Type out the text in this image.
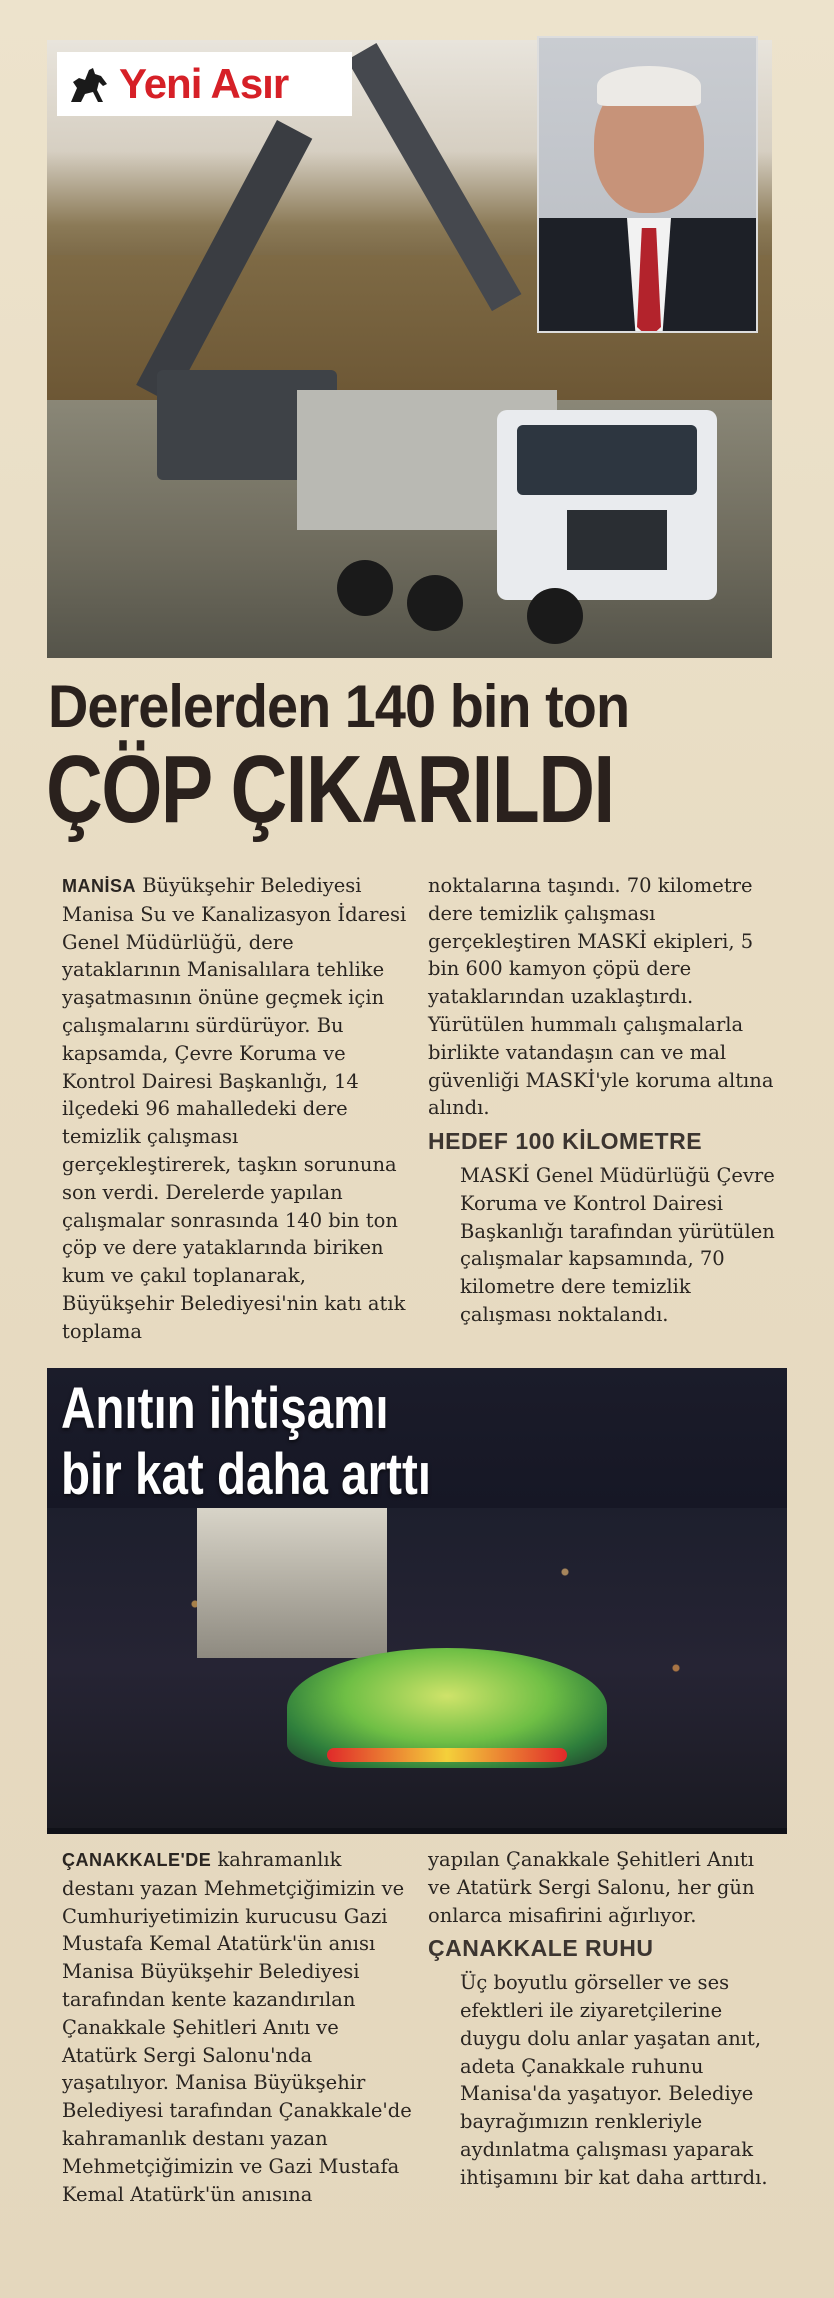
Yeni Asır
Derelerden 140 bin ton
ÇÖP ÇIKARILDI

MANİSA Büyükşehir Belediyesi Manisa Su ve Kanalizasyon İdaresi Genel Müdürlüğü, dere yataklarının Manisalılara tehlike yaşatmasının önüne geçmek için çalışmalarını sürdürüyor. Bu kapsamda, Çevre Koruma ve Kontrol Dairesi Başkanlığı, 14 ilçedeki 96 mahalledeki dere temizlik çalışması gerçekleştirerek, taşkın sorununa son verdi. Derelerde yapılan çalışmalar sonrasında 140 bin ton çöp ve dere yataklarında biriken kum ve çakıl toplanarak, Büyükşehir Belediyesi'nin katı atık toplama

noktalarına taşındı. 70 kilometre dere temizlik çalışması gerçekleştiren MASKİ ekipleri, 5 bin 600 kamyon çöpü dere yataklarından uzaklaştırdı. Yürütülen hummalı çalışmalarla birlikte vatandaşın can ve mal güvenliği MASKİ'yle koruma altına alındı.

HEDEF 100 KİLOMETRE

MASKİ Genel Müdürlüğü Çevre Koruma ve Kontrol Dairesi Başkanlığı tarafından yürütülen çalışmalar kapsamında, 70 kilometre dere temizlik çalışması noktalandı.

Anıtın ihtişamı
bir kat daha arttı

ÇANAKKALE'DE kahramanlık destanı yazan Mehmetçiğimizin ve Cumhuriyetimizin kurucusu Gazi Mustafa Kemal Atatürk'ün anısı Manisa Büyükşehir Belediyesi tarafından kente kazandırılan Çanakkale Şehitleri Anıtı ve Atatürk Sergi Salonu'nda yaşatılıyor. Manisa Büyükşehir Belediyesi tarafından Çanakkale'de kahramanlık destanı yazan Mehmetçiğimizin ve Gazi Mustafa Kemal Atatürk'ün anısına

yapılan Çanakkale Şehitleri Anıtı ve Atatürk Sergi Salonu, her gün onlarca misafirini ağırlıyor.

ÇANAKKALE RUHU

Üç boyutlu görseller ve ses efektleri ile ziyaretçilerine duygu dolu anlar yaşatan anıt, adeta Çanakkale ruhunu Manisa'da yaşatıyor. Belediye bayrağımızın renkleriyle aydınlatma çalışması yaparak ihtişamını bir kat daha arttırdı.
